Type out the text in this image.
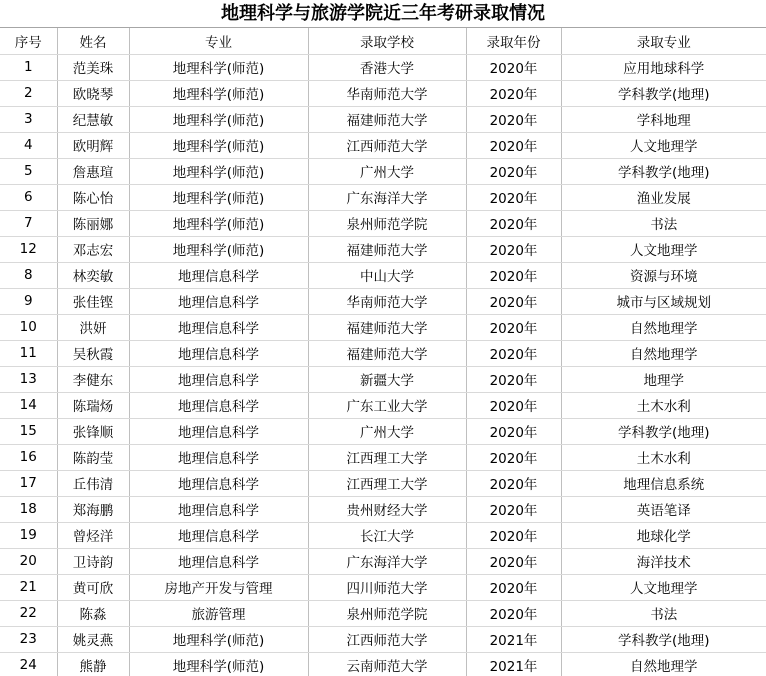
地理科学与旅游学院近三年考研录取情况
序号	姓名	专业	录取学校	录取年份	录取专业
1	范美珠	地理科学(师范)	香港大学	2020年	应用地球科学
2	欧晓琴	地理科学(师范)	华南师范大学	2020年	学科教学(地理)
3	纪慧敏	地理科学(师范)	福建师范大学	2020年	学科地理
4	欧明辉	地理科学(师范)	江西师范大学	2020年	人文地理学
5	詹惠瑄	地理科学(师范)	广州大学	2020年	学科教学(地理)
6	陈心怡	地理科学(师范)	广东海洋大学	2020年	渔业发展
7	陈丽娜	地理科学(师范)	泉州师范学院	2020年	书法
12	邓志宏	地理科学(师范)	福建师范大学	2020年	人文地理学
8	林奕敏	地理信息科学	中山大学	2020年	资源与环境
9	张佳铿	地理信息科学	华南师范大学	2020年	城市与区域规划
10	洪妍	地理信息科学	福建师范大学	2020年	自然地理学
11	吴秋霞	地理信息科学	福建师范大学	2020年	自然地理学
13	李健东	地理信息科学	新疆大学	2020年	地理学
14	陈瑞炀	地理信息科学	广东工业大学	2020年	土木水利
15	张锋顺	地理信息科学	广州大学	2020年	学科教学(地理)
16	陈韵莹	地理信息科学	江西理工大学	2020年	土木水利
17	丘伟清	地理信息科学	江西理工大学	2020年	地理信息系统
18	郑海鹏	地理信息科学	贵州财经大学	2020年	英语笔译
19	曾烃洋	地理信息科学	长江大学	2020年	地球化学
20	卫诗韵	地理信息科学	广东海洋大学	2020年	海洋技术
21	黄可欣	房地产开发与管理	四川师范大学	2020年	人文地理学
22	陈淼	旅游管理	泉州师范学院	2020年	书法
23	姚灵燕	地理科学(师范)	江西师范大学	2021年	学科教学(地理)
24	熊静	地理科学(师范)	云南师范大学	2021年	自然地理学
